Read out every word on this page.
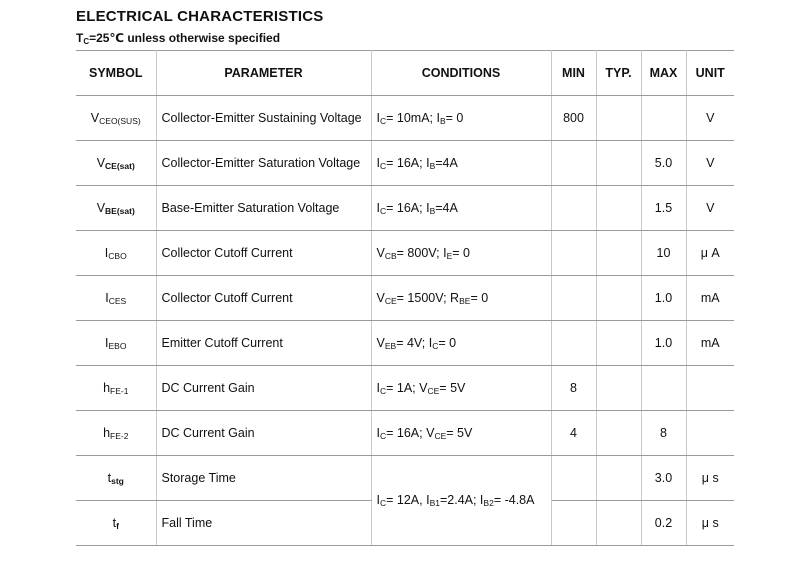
ELECTRICAL CHARACTERISTICS
$T_C=25℃$ unless otherwise specified
SYMBOL	PARAMETER	CONDITIONS	MIN	TYP.	MAX	UNIT
VCEO(SUS)	Collector-Emitter Sustaining Voltage	IC= 10mA; IB= 0	800			V
VCE(sat)	Collector-Emitter Saturation Voltage	IC= 16A; IB=4A			5.0	V
VBE(sat)	Base-Emitter Saturation Voltage	IC= 16A; IB=4A			1.5	V
ICBO	Collector Cutoff Current	VCB= 800V; IE= 0			10	μ A
ICES	Collector Cutoff Current	VCE= 1500V; RBE= 0			1.0	mA
IEBO	Emitter Cutoff Current	VEB= 4V; IC= 0			1.0	mA
hFE-1	DC Current Gain	IC= 1A; VCE= 5V	8			
hFE-2	DC Current Gain	IC= 16A; VCE= 5V	4		8	
tstg	Storage Time	IC= 12A, IB1=2.4A; IB2= -4.8A			3.0	μ s
tf	Fall Time				0.2	μ s
